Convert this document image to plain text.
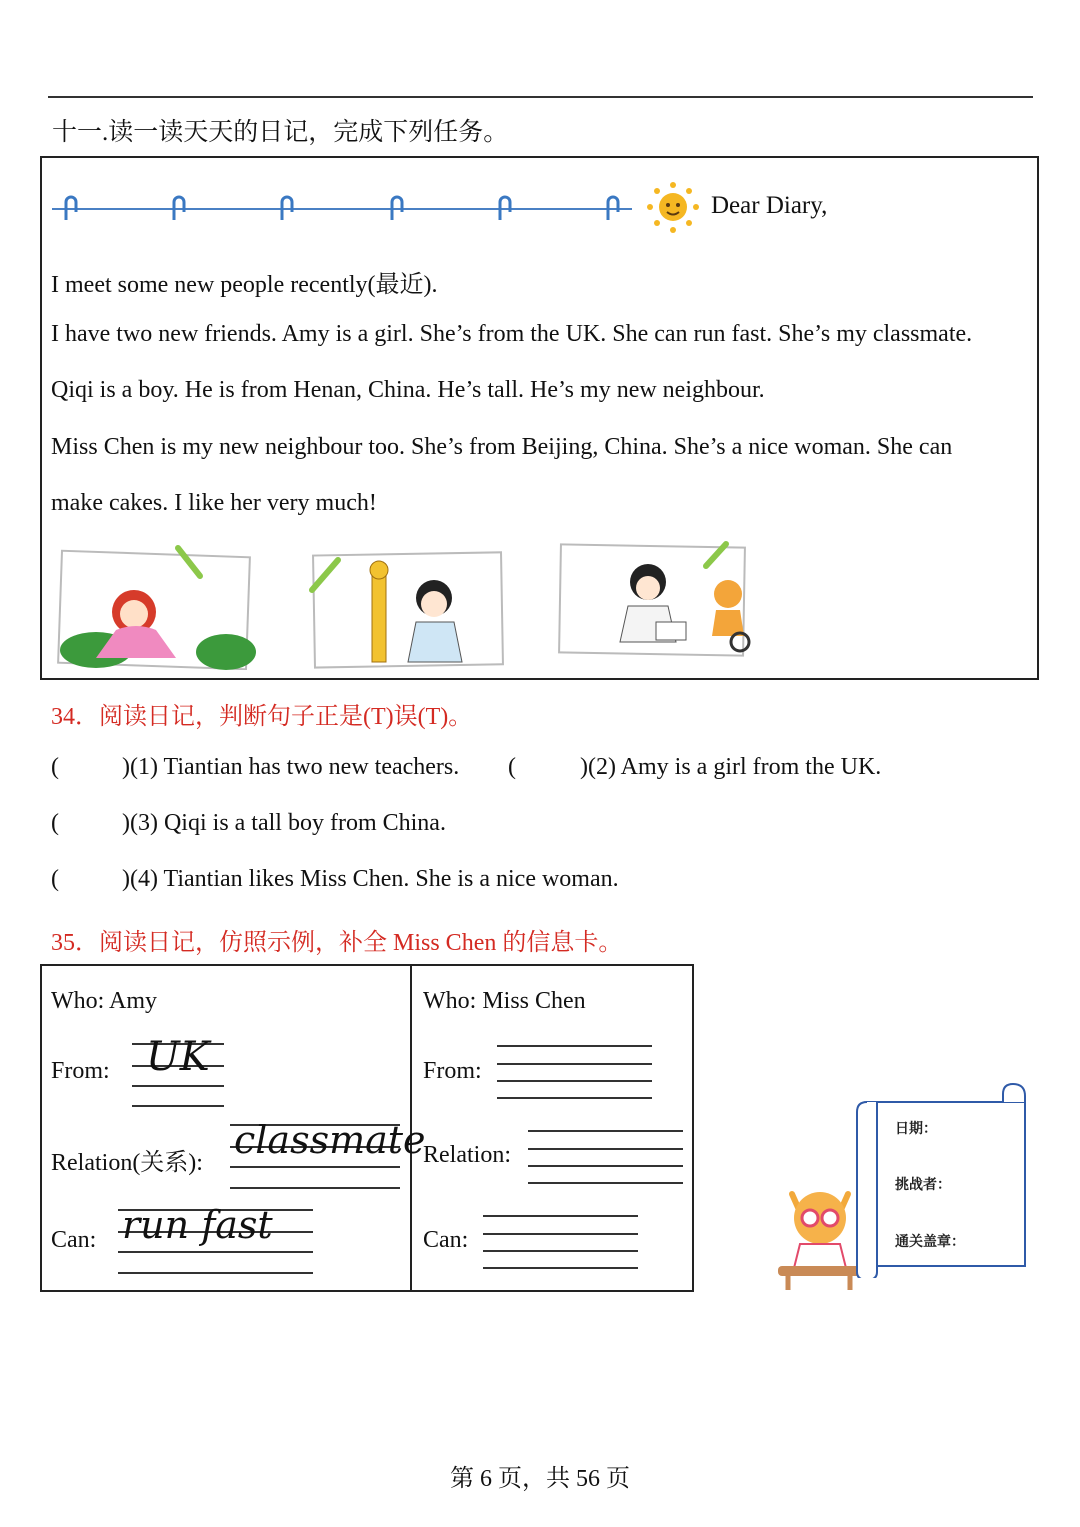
十一.读一读天天的日记，完成下列任务。
Dear Diary,
I meet some new people recently(最近).
I have two new friends. Amy is a girl. She’s from the UK. She can run fast. She’s my classmate.
Qiqi is a boy. He is from Henan, China. He’s tall. He’s my new neighbour.
Miss Chen is my new neighbour too. She’s from Beijing, China. She’s a nice woman. She can
make cakes. I like her very much!
34．阅读日记，判断句子正是(T)误(T)。
(	)(1) Tiantian has two new teachers. (	)(2) Amy is a girl from the UK.
(	)(3) Qiqi is a tall boy from China.
(	)(4) Tiantian likes Miss Chen. She is a nice woman.
35．阅读日记，仿照示例，补全 Miss Chen 的信息卡。
Who: Amy
From: UK
Relation(关系):
classmate
Can: run fast
Who: Miss Chen
From:
Relation:
Can:
日期：
挑战者：
通关盖章：
第 6 页，共 56 页
